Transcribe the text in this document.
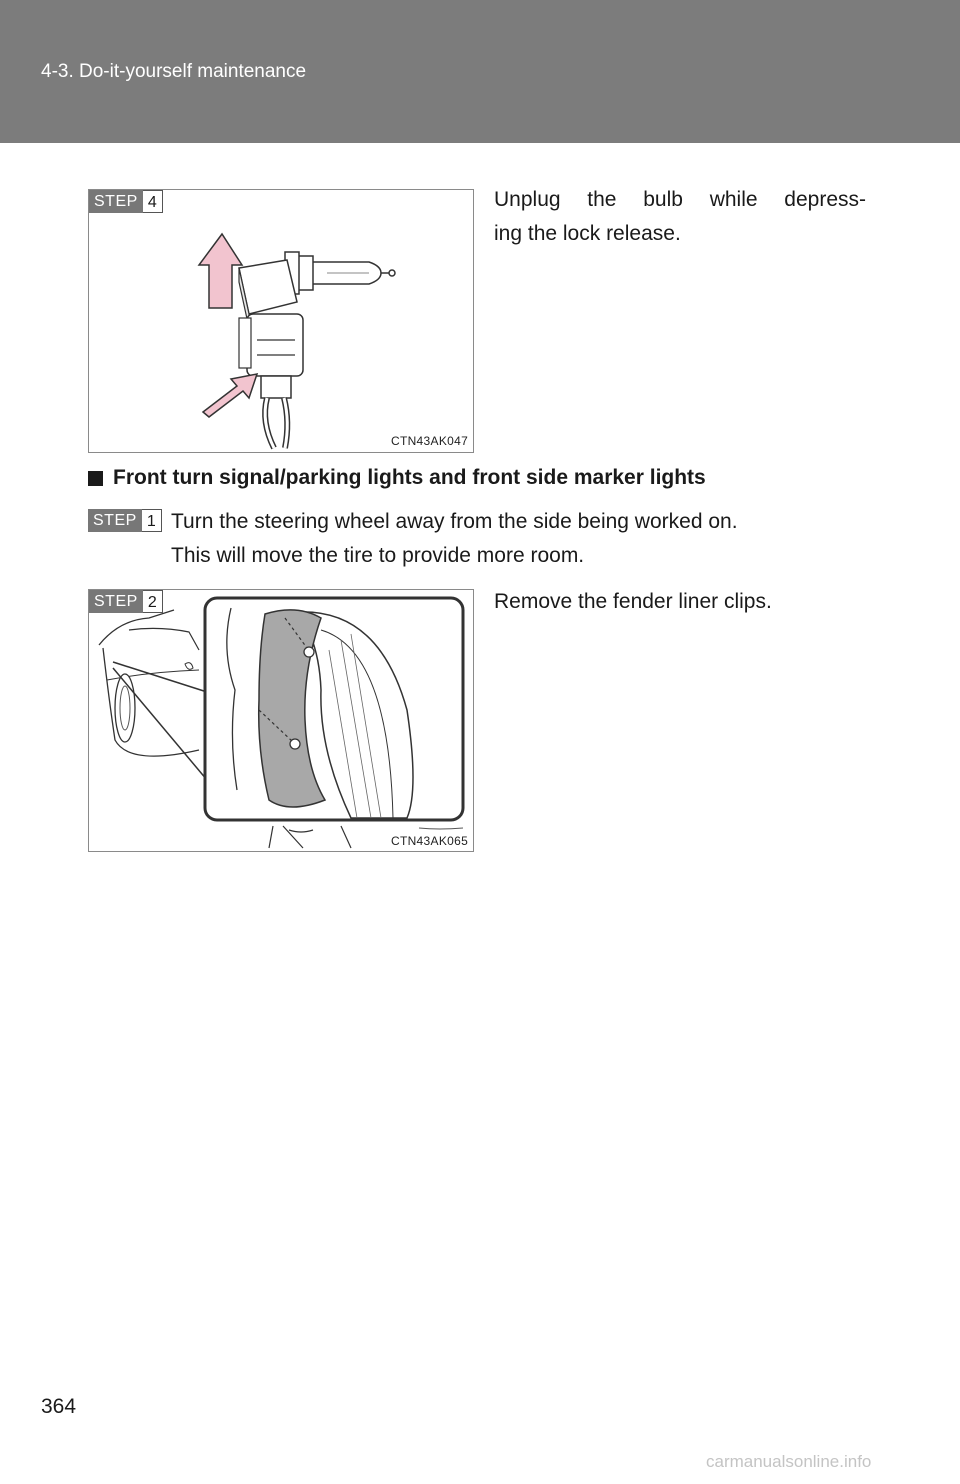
4-3. Do-it-yourself maintenance
STEP 4
CTN43AK047
Unplug the bulb while depress-
ing the lock release.
Front turn signal/parking lights and front side marker lights
STEP 1 Turn the steering wheel away from the side being worked on.
This will move the tire to provide more room.
STEP 2
CTN43AK065
Remove the fender liner clips.
364
carmanualsonline.info
